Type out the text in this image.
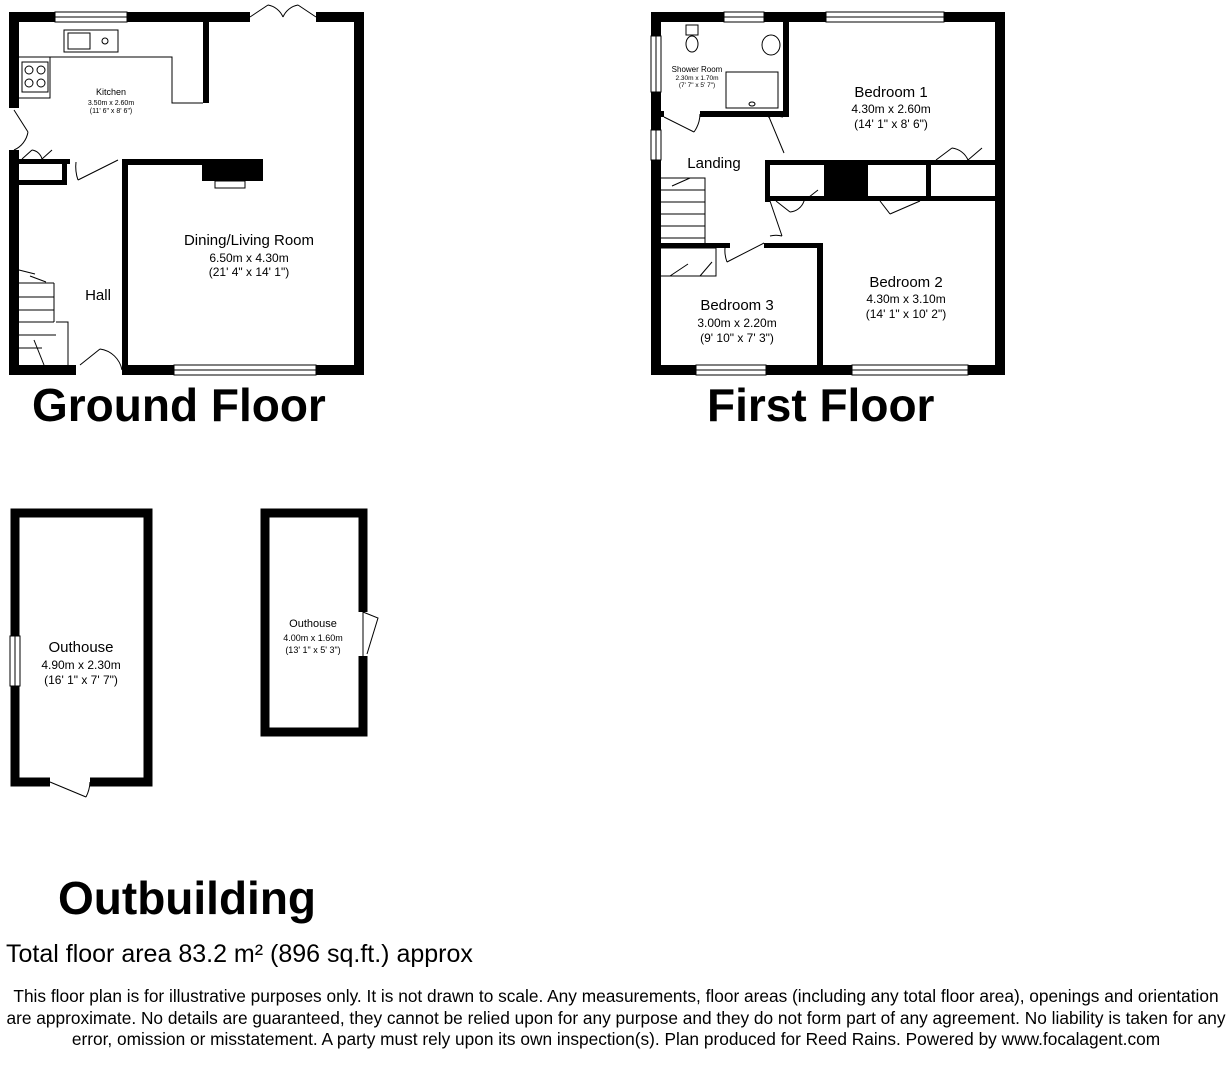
Kitchen
3.50m x 2.60m
(11' 6" x 8' 6")
Dining/Living Room
6.50m x 4.30m
(21' 4" x 14' 1")
Hall
Shower Room
2.30m x 1.70m
(7' 7" x 5' 7")	Bedroom 1
4.30m x 2.60m
(14' 1" x 8' 6")
Landing
Bedroom 2
4.30m x 3.10m
(14' 1" x 10' 2")
Bedroom 3
3.00m x 2.20m
(9' 10" x 7' 3")
Outhouse
4.90m x 2.30m
(16' 1" x 7' 7")
Outhouse
4.00m x 1.60m
(13' 1" x 5' 3")
Ground Floor	First Floor
Outbuilding
Total floor area 83.2 m² (896 sq.ft.) approx
This floor plan is for illustrative purposes only. It is not drawn to scale. Any measurements, floor areas (including any total floor area), openings and orientation are approximate. No details are guaranteed, they cannot be relied upon for any purpose and they do not form part of any agreement. No liability is taken for any error, omission or misstatement. A party must rely upon its own inspection(s). Plan produced for Reed Rains. Powered by www.focalagent.com
